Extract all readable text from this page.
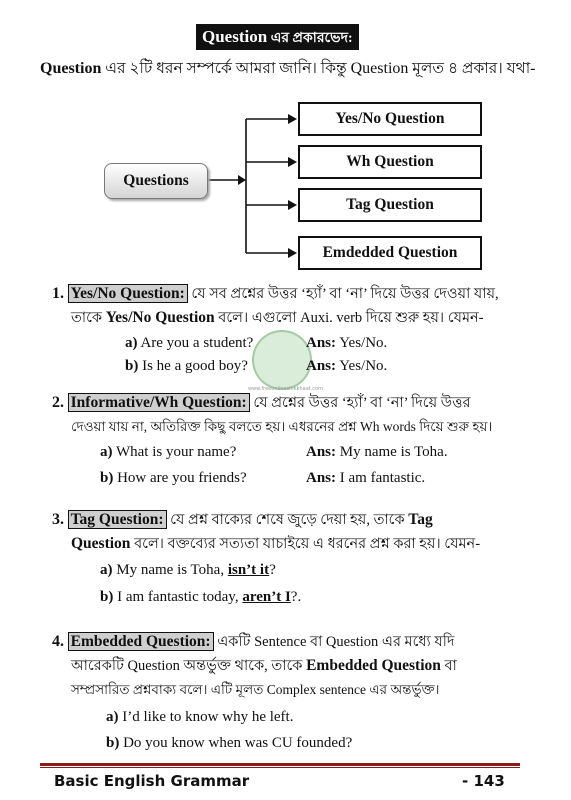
Question এর প্রকারভেদ:
Question এর ২টি ধরন সম্পর্কে আমরা জানি। কিন্তু Question মূলত ৪ প্রকার। যথা-
Questions
Yes/No Question
Wh Question
Tag Question
Emdedded Question
www.freeonlineshikkhaat.com
1. Yes/No Question: যে সব প্রশ্নের উত্তর ‘হ্যাঁ’ বা ‘না’ দিয়ে উত্তর দেওয়া যায়,
তাকে Yes/No Question বলে। এগুলো Auxi. verb দিয়ে শুরু হয়। যেমন-
a) Are you a student?	Ans: Yes/No.
b) Is he a good boy?	Ans: Yes/No.
2. Informative/Wh Question: যে প্রশ্নের উত্তর ‘হ্যাঁ’ বা ‘না’ দিয়ে উত্তর
দেওয়া যায় না, অতিরিক্ত কিছু বলতে হয়। এধরনের প্রশ্ন Wh words দিয়ে শুরু হয়।
a) What is your name?	Ans: My name is Toha.
b) How are you friends?	Ans: I am fantastic.
3. Tag Question: যে প্রশ্ন বাক্যের শেষে জুড়ে দেয়া হয়, তাকে Tag
Question বলে। বক্তব্যের সত্যতা যাচাইয়ে এ ধরনের প্রশ্ন করা হয়। যেমন-
a) My name is Toha, isn’t it?
b) I am fantastic today, aren’t I?.
4. Embedded Question: একটি Sentence বা Question এর মধ্যে যদি
আরেকটি Question অন্তর্ভুক্ত থাকে, তাকে Embedded Question বা
সম্প্রসারিত প্রশ্নবাক্য বলে। এটি মূলত Complex sentence এর অন্তর্ভুক্ত।
a) I’d like to know why he left.
b) Do you know when was CU founded?
Basic English Grammar	- 143
